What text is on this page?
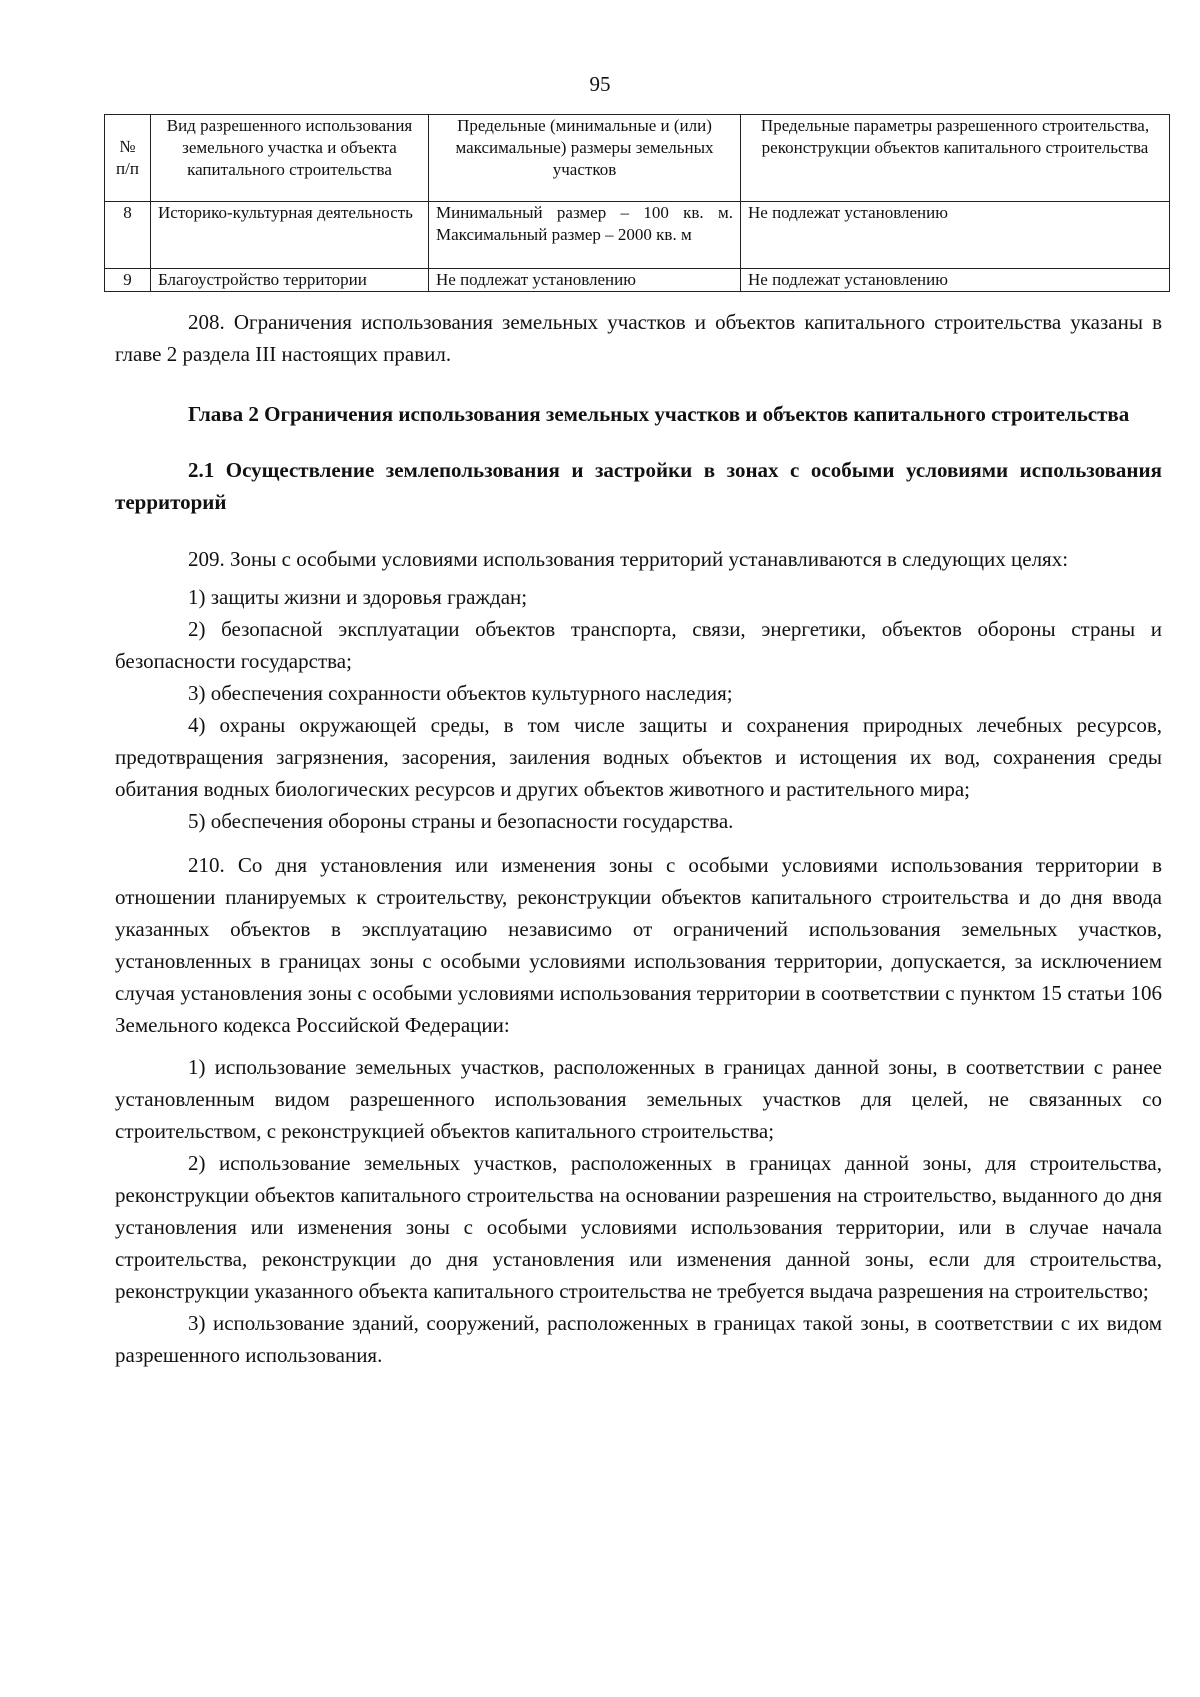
95
№ п/п	Вид разрешенного использования земельного участка и объекта капитального строительства	Предельные (минимальные и (или) максимальные) размеры земельных участков	Предельные параметры разрешенного строительства, реконструкции объектов капитального строительства
8	Историко-культурная деятельность	Минимальный размер – 100 кв. м. Максимальный размер – 2000 кв. м	Не подлежат установлению
9	Благоустройство территории	Не подлежат установлению	Не подлежат установлению

208. Ограничения использования земельных участков и объектов капитального строительства указаны в главе 2 раздела III настоящих правил.

Глава 2 Ограничения использования земельных участков и объектов капитального строительства

2.1 Осуществление землепользования и застройки в зонах с особыми условиями использования территорий

209. Зоны с особыми условиями использования территорий устанавливаются в следующих целях:

1) защиты жизни и здоровья граждан;

2) безопасной эксплуатации объектов транспорта, связи, энергетики, объектов обороны страны и безопасности государства;

3) обеспечения сохранности объектов культурного наследия;

4) охраны окружающей среды, в том числе защиты и сохранения природных лечебных ресурсов, предотвращения загрязнения, засорения, заиления водных объектов и истощения их вод, сохранения среды обитания водных биологических ресурсов и других объектов животного и растительного мира;

5) обеспечения обороны страны и безопасности государства.

210. Со дня установления или изменения зоны с особыми условиями использования территории в отношении планируемых к строительству, реконструкции объектов капитального строительства и до дня ввода указанных объектов в эксплуатацию независимо от ограничений использования земельных участков, установленных в границах зоны с особыми условиями использования территории, допускается, за исключением случая установления зоны с особыми условиями использования территории в соответствии с пунктом 15 статьи 106 Земельного кодекса Российской Федерации:

1) использование земельных участков, расположенных в границах данной зоны, в соответствии с ранее установленным видом разрешенного использования земельных участков для целей, не связанных со строительством, с реконструкцией объектов капитального строительства;

2) использование земельных участков, расположенных в границах данной зоны, для строительства, реконструкции объектов капитального строительства на основании разрешения на строительство, выданного до дня установления или изменения зоны с особыми условиями использования территории, или в случае начала строительства, реконструкции до дня установления или изменения данной зоны, если для строительства, реконструкции указанного объекта капитального строительства не требуется выдача разрешения на строительство;

3) использование зданий, сооружений, расположенных в границах такой зоны, в соответствии с их видом разрешенного использования.
